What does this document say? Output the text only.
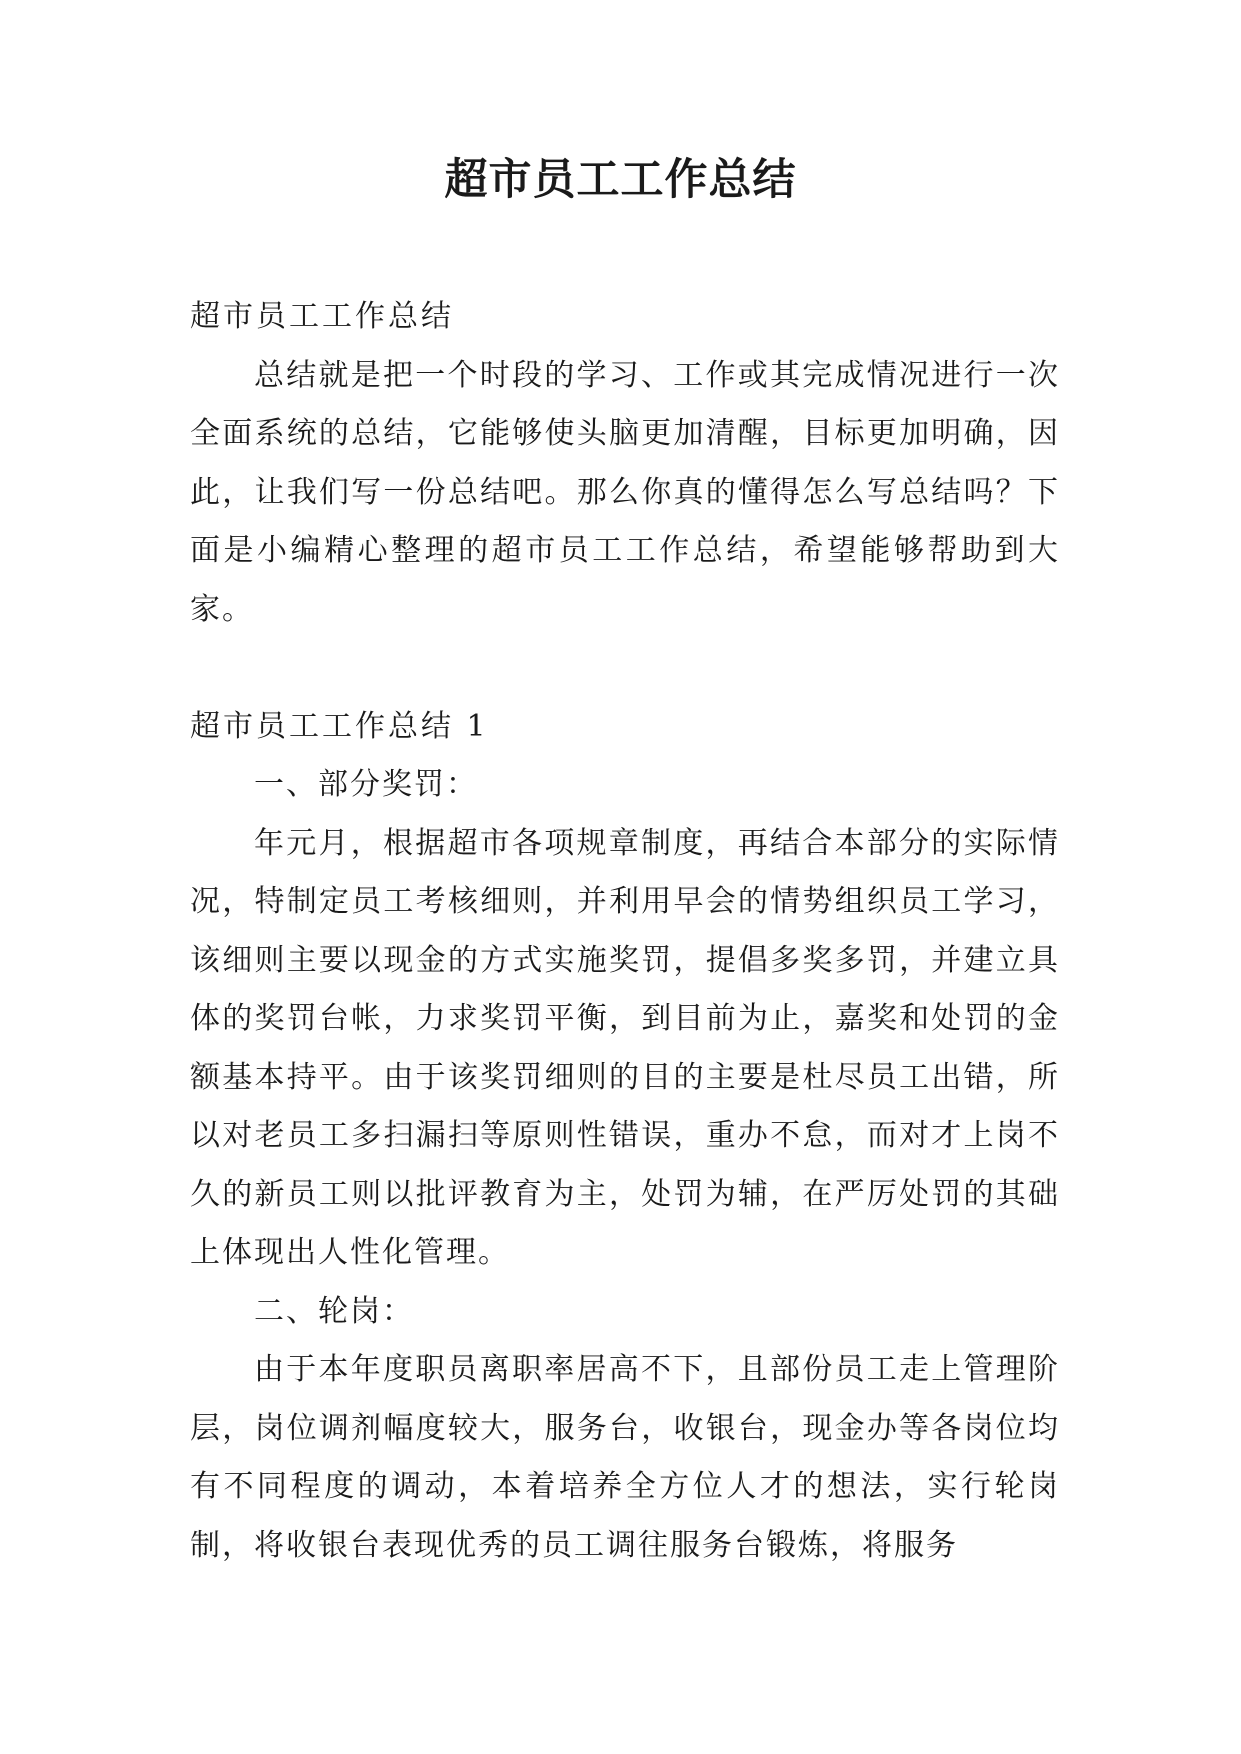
超市员工工作总结

超市员工工作总结

总结就是把一个时段的学习、工作或其完成情况进行一次全面系统的总结，它能够使头脑更加清醒，目标更加明确，因此，让我们写一份总结吧。那么你真的懂得怎么写总结吗？下面是小编精心整理的超市员工工作总结，希望能够帮助到大家。

超市员工工作总结 1

一、部分奖罚：

年元月，根据超市各项规章制度，再结合本部分的实际情况，特制定员工考核细则，并利用早会的情势组织员工学习，该细则主要以现金的方式实施奖罚，提倡多奖多罚，并建立具体的奖罚台帐，力求奖罚平衡，到目前为止，嘉奖和处罚的金额基本持平。由于该奖罚细则的目的主要是杜尽员工出错，所以对老员工多扫漏扫等原则性错误，重办不怠，而对才上岗不久的新员工则以批评教育为主，处罚为辅，在严厉处罚的其础上体现出人性化管理。

二、轮岗：

由于本年度职员离职率居高不下，且部份员工走上管理阶层，岗位调剂幅度较大，服务台，收银台，现金办等各岗位均有不同程度的调动，本着培养全方位人才的想法，实行轮岗制，将收银台表现优秀的员工调往服务台锻炼，将服务
